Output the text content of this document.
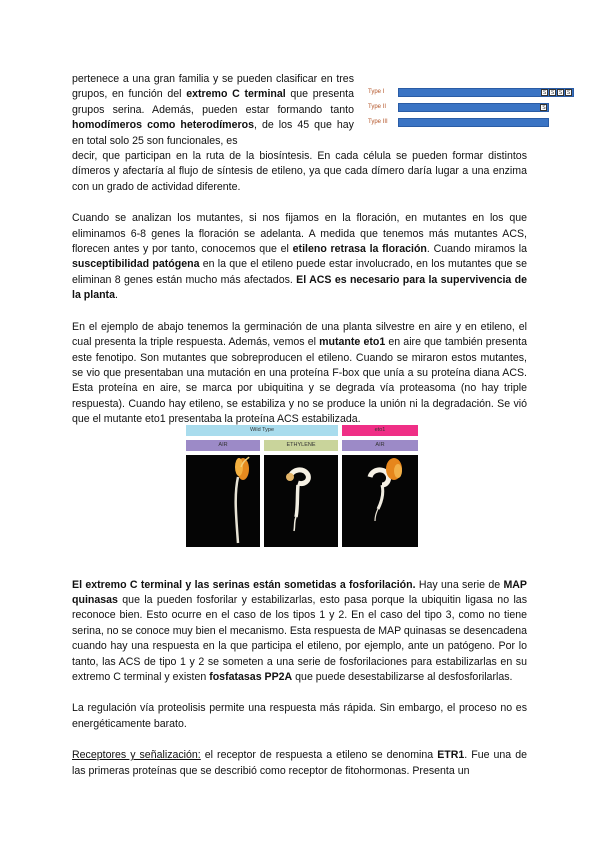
Type I	S S S S
Type II	S
Type III

pertenece a una gran familia y se pueden clasificar en tres grupos, en función del extremo C terminal que presenta grupos serina. Además, pueden estar formando tanto homodímeros como heterodímeros, de los 45 que hay en total solo 25 son funcionales, es
decir, que participan en la ruta de la biosíntesis. En cada célula se pueden formar distintos dímeros y afectaría al flujo de síntesis de etileno, ya que cada dímero daría lugar a una enzima con un grado de actividad diferente.

Cuando se analizan los mutantes, si nos fijamos en la floración, en mutantes en los que eliminamos 6-8 genes la floración se adelanta. A medida que tenemos más mutantes ACS, florecen antes y por tanto, conocemos que el etileno retrasa la floración. Cuando miramos la susceptibilidad patógena en la que el etileno puede estar involucrado, en los mutantes que se eliminan 8 genes están mucho más afectados. El ACS es necesario para la supervivencia de la planta.

En el ejemplo de abajo tenemos la germinación de una planta silvestre en aire y en etileno, el cual presenta la triple respuesta. Además, vemos el mutante eto1 en aire que también presenta este fenotipo. Son mutantes que sobreproducen el etileno. Cuando se miraron estos mutantes, se vio que presentaban una mutación en una proteína F-box que unía a su proteína diana ACS. Esta proteína en aire, se marca por ubiquitina y se degrada vía proteasoma (no hay triple respuesta). Cuando hay etileno, se estabiliza y no se produce la unión ni la degradación. Se vió que el mutante eto1 presentaba la proteína ACS estabilizada.

El extremo C terminal y las serinas están sometidas a fosforilación. Hay una serie de MAP quinasas que la pueden fosforilar y estabilizarlas, esto pasa porque la ubiquitin ligasa no las reconoce bien. Esto ocurre en el caso de los tipos 1 y 2. En el caso del tipo 3, como no tiene serina, no se conoce muy bien el mecanismo. Esta respuesta de MAP quinasas se desencadena cuando hay una respuesta en la que participa el etileno, por ejemplo, ante un patógeno. Por lo tanto, las ACS de tipo 1 y 2 se someten a una serie de fosforilaciones para estabilizarlas en su extremo C terminal y existen fosfatasas PP2A que puede desestabilizarse al desfosforilarlas.

La regulación vía proteolisis permite una respuesta más rápida. Sin embargo, el proceso no es energéticamente barato.

Receptores y señalización: el receptor de respuesta a etileno se denomina ETR1. Fue una de las primeras proteínas que se describió como receptor de fitohormonas. Presenta un

Wild Type	eto1
AIR	ETHYLENE	AIR
